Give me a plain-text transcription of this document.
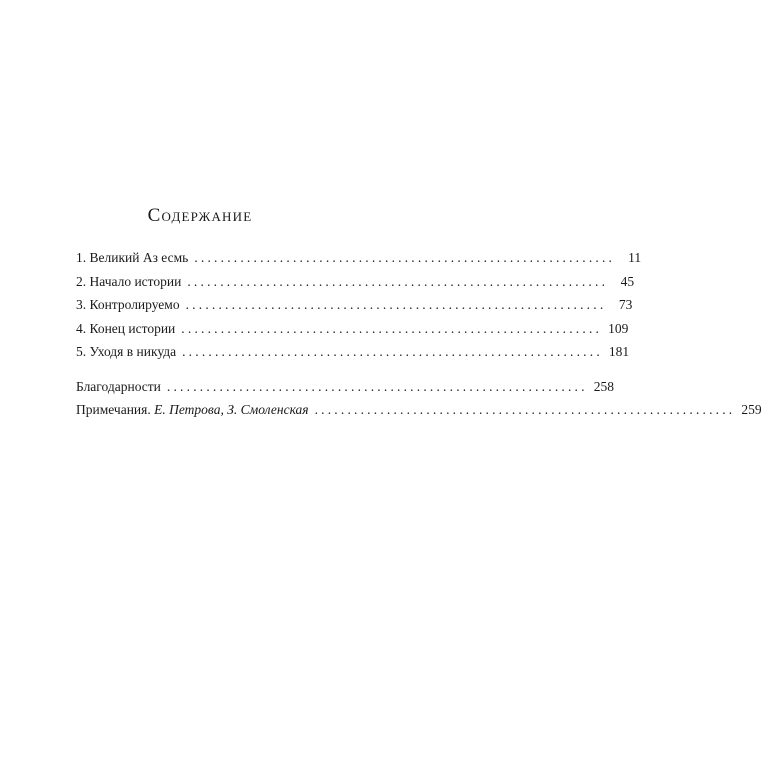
Содержание
1. Великий Аз есмь ................................................................ 11
2. Начало истории ................................................................ 45
3. Контролируемо ................................................................ 73
4. Конец истории ................................................................ 109
5. Уходя в никуда ................................................................ 181
Благодарности ................................................................ 258
Примечания. Е. Петрова, З. Смоленская ................................................................ 259
